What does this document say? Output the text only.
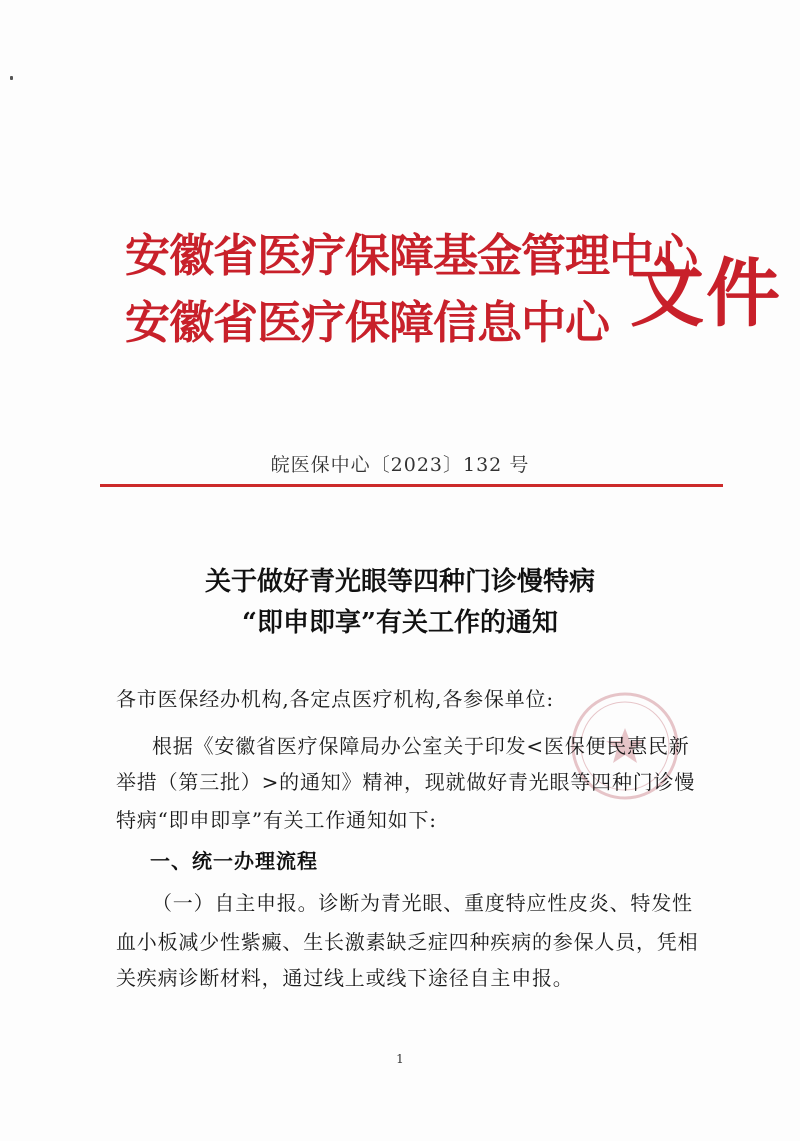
安徽省医疗保障基金管理中心
安徽省医疗保障信息中心 文件
皖医保中心〔2023〕132 号
关于做好青光眼等四种门诊慢特病
“即申即享”有关工作的通知
各市医保经办机构,各定点医疗机构,各参保单位:
根据《安徽省医疗保障局办公室关于印发<医保便民惠民新
举措（第三批）>的通知》精神，现就做好青光眼等四种门诊慢
特病“即申即享”有关工作通知如下:
一、统一办理流程
（一）自主申报。诊断为青光眼、重度特应性皮炎、特发性
血小板减少性紫癜、生长激素缺乏症四种疾病的参保人员，凭相
关疾病诊断材料，通过线上或线下途径自主申报。
1
